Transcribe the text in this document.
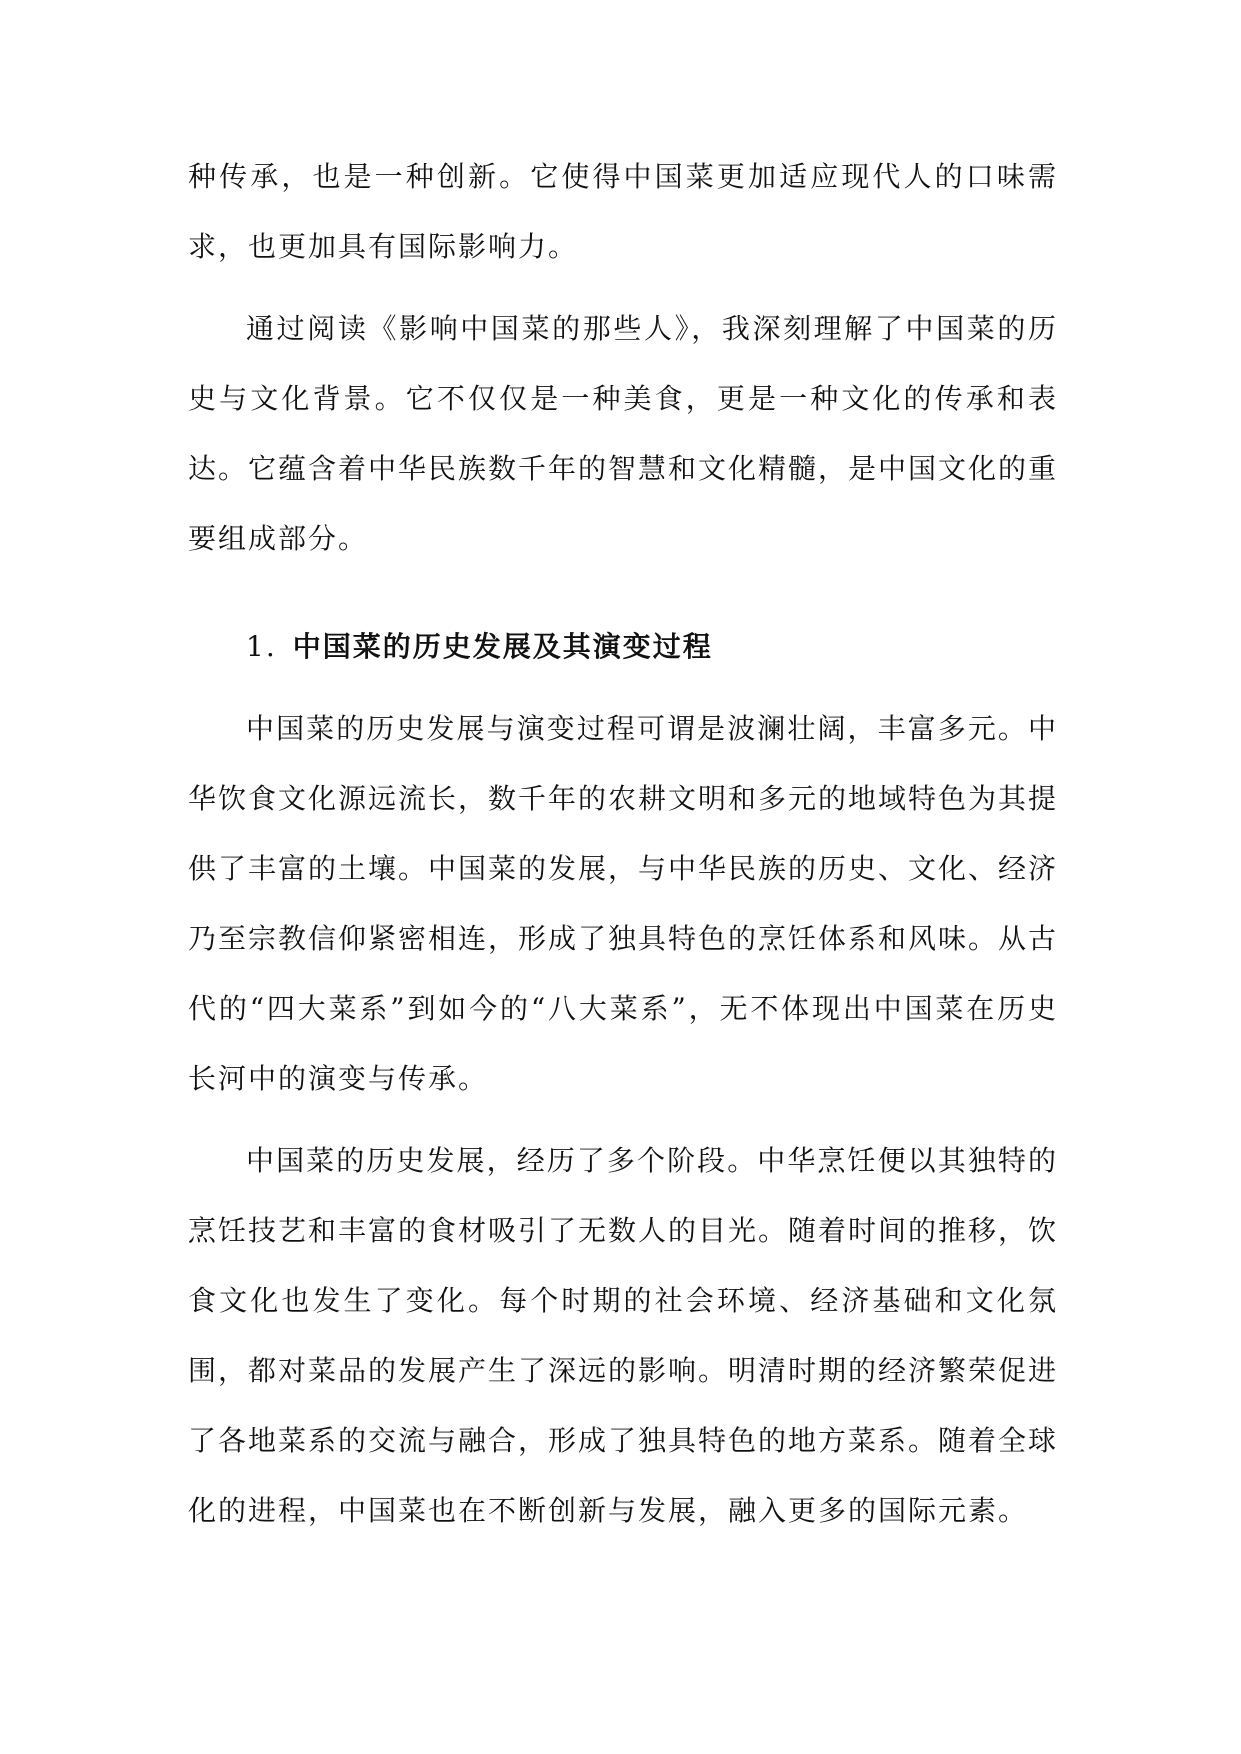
种传承，也是一种创新。它使得中国菜更加适应现代人的口味需求，也更加具有国际影响力。

通过阅读《影响中国菜的那些人》，我深刻理解了中国菜的历史与文化背景。它不仅仅是一种美食，更是一种文化的传承和表达。它蕴含着中华民族数千年的智慧和文化精髓，是中国文化的重要组成部分。

1. 中国菜的历史发展及其演变过程

中国菜的历史发展与演变过程可谓是波澜壮阔，丰富多元。中华饮食文化源远流长，数千年的农耕文明和多元的地域特色为其提供了丰富的土壤。中国菜的发展，与中华民族的历史、文化、经济乃至宗教信仰紧密相连，形成了独具特色的烹饪体系和风味。从古代的“四大菜系”到如今的“八大菜系”，无不体现出中国菜在历史长河中的演变与传承。

中国菜的历史发展，经历了多个阶段。中华烹饪便以其独特的烹饪技艺和丰富的食材吸引了无数人的目光。随着时间的推移，饮食文化也发生了变化。每个时期的社会环境、经济基础和文化氛围，都对菜品的发展产生了深远的影响。明清时期的经济繁荣促进了各地菜系的交流与融合，形成了独具特色的地方菜系。随着全球化的进程，中国菜也在不断创新与发展，融入更多的国际元素。
